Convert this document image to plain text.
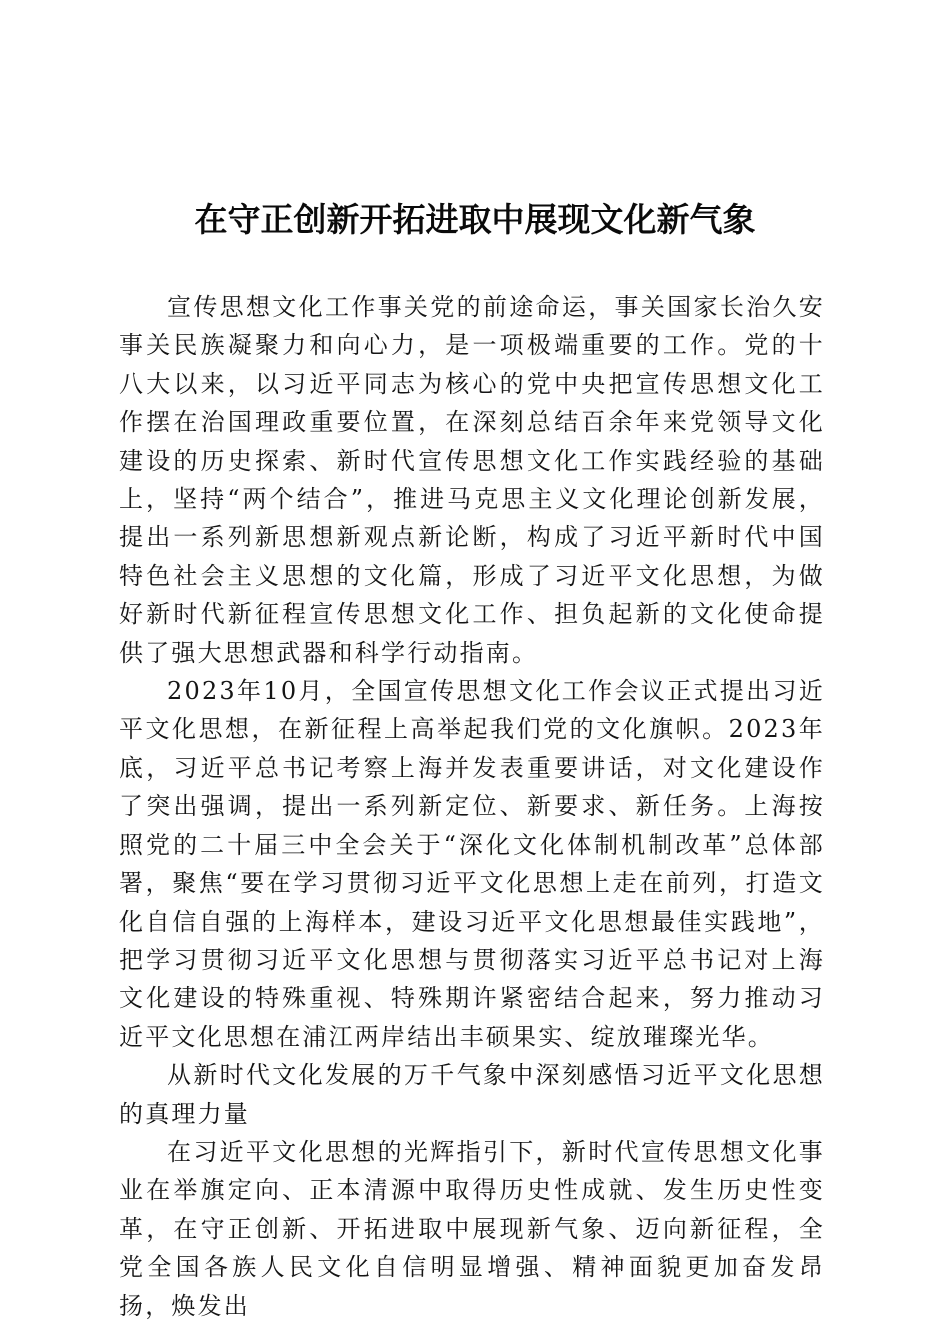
在守正创新开拓进取中展现文化新气象

宣传思想文化工作事关党的前途命运，事关国家长治久安事关民族凝聚力和向心力，是一项极端重要的工作。党的十八大以来，以习近平同志为核心的党中央把宣传思想文化工作摆在治国理政重要位置，在深刻总结百余年来党领导文化建设的历史探索、新时代宣传思想文化工作实践经验的基础上，坚持“两个结合”，推进马克思主义文化理论创新发展，提出一系列新思想新观点新论断，构成了习近平新时代中国特色社会主义思想的文化篇，形成了习近平文化思想，为做好新时代新征程宣传思想文化工作、担负起新的文化使命提供了强大思想武器和科学行动指南。

2023年10月，全国宣传思想文化工作会议正式提出习近平文化思想，在新征程上高举起我们党的文化旗帜。2023年底，习近平总书记考察上海并发表重要讲话，对文化建设作了突出强调，提出一系列新定位、新要求、新任务。上海按照党的二十届三中全会关于“深化文化体制机制改革”总体部署，聚焦“要在学习贯彻习近平文化思想上走在前列，打造文化自信自强的上海样本，建设习近平文化思想最佳实践地”，把学习贯彻习近平文化思想与贯彻落实习近平总书记对上海文化建设的特殊重视、特殊期许紧密结合起来，努力推动习近平文化思想在浦江两岸结出丰硕果实、绽放璀璨光华。

从新时代文化发展的万千气象中深刻感悟习近平文化思想的真理力量

在习近平文化思想的光辉指引下，新时代宣传思想文化事业在举旗定向、正本清源中取得历史性成就、发生历史性变革，在守正创新、开拓进取中展现新气象、迈向新征程，全党全国各族人民文化自信明显增强、精神面貌更加奋发昂扬，焕发出
